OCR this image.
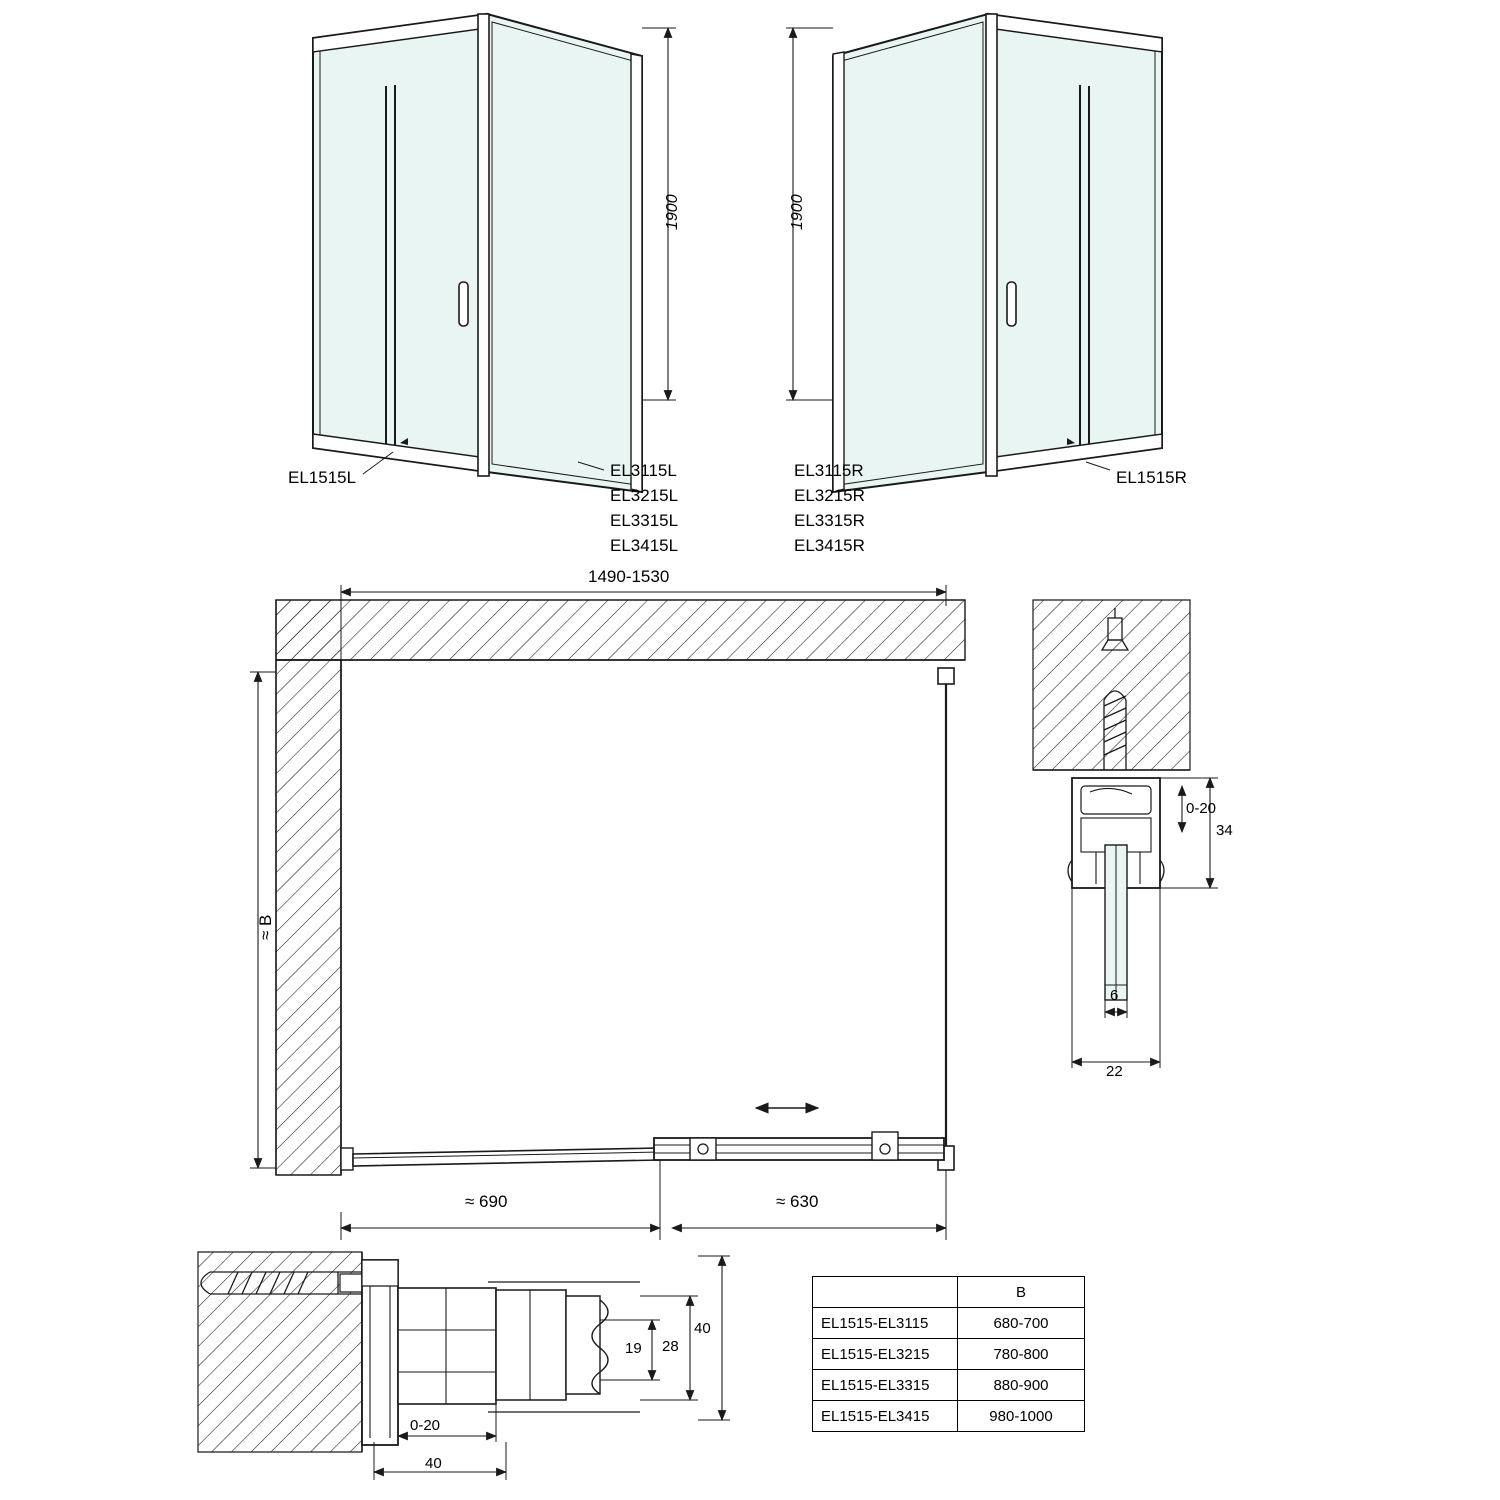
1900
EL1515L	EL3115L
EL3215L
EL3315L
EL3415L
1900
EL1515R
EL3115R
EL3215R
EL3315R
EL3415R
1490-1530
≈ B
≈ 690	≈ 630
0-20
34
6
22
0-20
40
19 28
40
	B
EL1515-EL3115	680-700
EL1515-EL3215	780-800
EL1515-EL3315	880-900
EL1515-EL3415	980-1000
